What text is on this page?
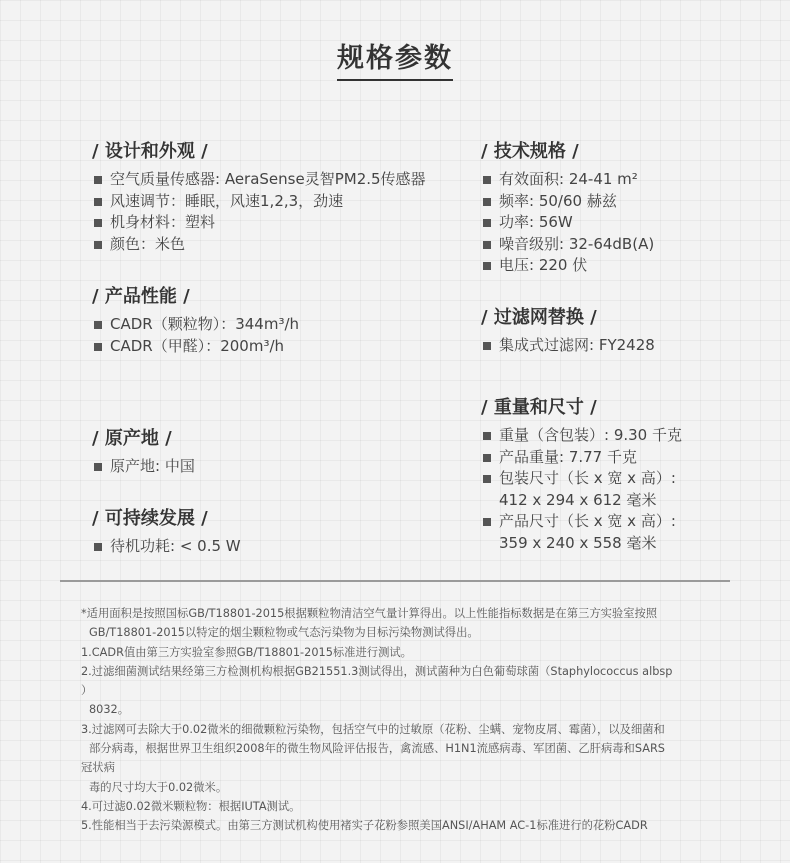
规格参数
/ 设计和外观 /
空气质量传感器: AeraSense灵智PM2.5传感器
风速调节：睡眠，风速1,2,3，劲速
机身材料：塑料
颜色：米色
/ 产品性能 /
CADR（颗粒物）：344m³/h
CADR（甲醛）：200m³/h
/ 原产地 /
原产地: 中国
/ 可持续发展 /
待机功耗: < 0.5 W
/ 技术规格 /
有效面积: 24-41 m²
频率: 50/60 赫兹
功率: 56W
噪音级别: 32-64dB(A)
电压: 220 伏
/ 过滤网替换 /
集成式过滤网: FY2428
/ 重量和尺寸 /
重量（含包装）: 9.30 千克
产品重量: 7.77 千克
包装尺寸（长 x 宽 x 高）:
412 x 294 x 612 毫米
产品尺寸（长 x 宽 x 高）:
359 x 240 x 558 毫米

*适用面积是按照国标GB/T18801-2015根据颗粒物清洁空气量计算得出。以上性能指标数据是在第三方实验室按照

GB/T18801-2015以特定的烟尘颗粒物或气态污染物为目标污染物测试得出。

1.CADR值由第三方实验室参照GB/T18801-2015标准进行测试。

2.过滤细菌测试结果经第三方检测机构根据GB21551.3测试得出，测试菌种为白色葡萄球菌（Staphylococcus albsp

）

8032。

3.过滤网可去除大于0.02微米的细微颗粒污染物，包括空气中的过敏原（花粉、尘螨、宠物皮屑、霉菌），以及细菌和

部分病毒，根据世界卫生组织2008年的微生物风险评估报告，禽流感、H1N1流感病毒、军团菌、乙肝病毒和SARS

冠状病

毒的尺寸均大于0.02微米。

4.可过滤0.02微米颗粒物：根据IUTA测试。

5.性能相当于去污染源模式。由第三方测试机构使用褚实子花粉参照美国ANSI/AHAM AC-1标准进行的花粉CADR
